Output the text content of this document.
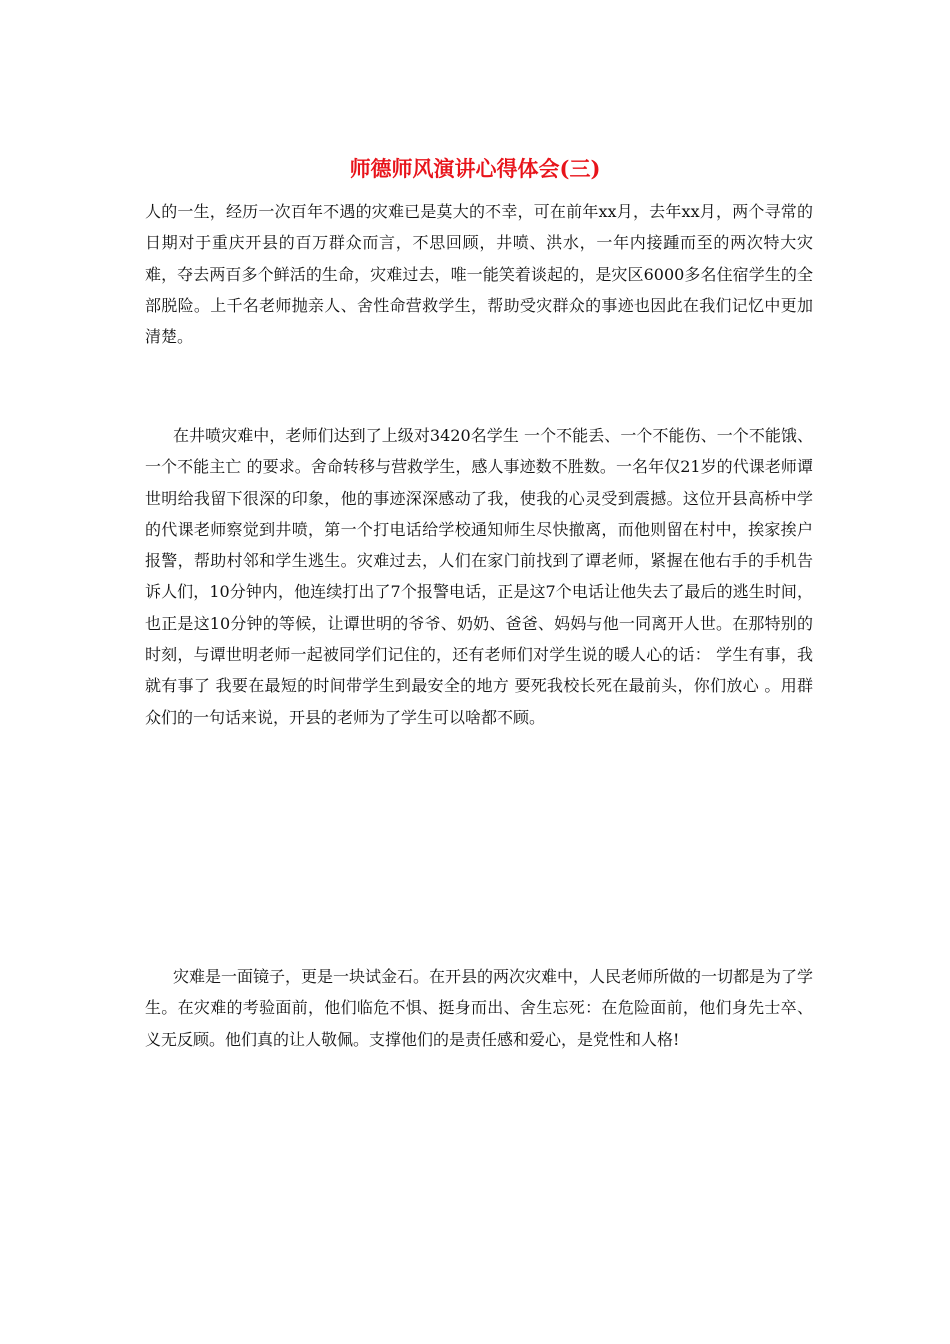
师德师风演讲心得体会(三)

人的一生，经历一次百年不遇的灾难已是莫大的不幸，可在前年xx月，去年xx月，两个寻常的日期对于重庆开县的百万群众而言，不思回顾，井喷、洪水，一年内接踵而至的两次特大灾难，夺去两百多个鲜活的生命，灾难过去，唯一能笑着谈起的，是灾区6000多名住宿学生的全部脱险。上千名老师抛亲人、舍性命营救学生，帮助受灾群众的事迹也因此在我们记忆中更加清楚。

在井喷灾难中，老师们达到了上级对3420名学生 一个不能丢、一个不能伤、一个不能饿、一个不能主亡 的要求。舍命转移与营救学生，感人事迹数不胜数。一名年仅21岁的代课老师谭世明给我留下很深的印象，他的事迹深深感动了我，使我的心灵受到震撼。这位开县高桥中学的代课老师察觉到井喷，第一个打电话给学校通知师生尽快撤离，而他则留在村中，挨家挨户报警，帮助村邻和学生逃生。灾难过去，人们在家门前找到了谭老师，紧握在他右手的手机告诉人们，10分钟内，他连续打出了7个报警电话，正是这7个电话让他失去了最后的逃生时间，也正是这10分钟的等候，让谭世明的爷爷、奶奶、爸爸、妈妈与他一同离开人世。在那特别的时刻，与谭世明老师一起被同学们记住的，还有老师们对学生说的暖人心的话： 学生有事，我就有事了 我要在最短的时间带学生到最安全的地方 要死我校长死在最前头，你们放心 。用群众们的一句话来说，开县的老师为了学生可以啥都不顾。

灾难是一面镜子，更是一块试金石。在开县的两次灾难中，人民老师所做的一切都是为了学生。在灾难的考验面前，他们临危不惧、挺身而出、舍生忘死：在危险面前，他们身先士卒、义无反顾。他们真的让人敬佩。支撑他们的是责任感和爱心，是党性和人格!
